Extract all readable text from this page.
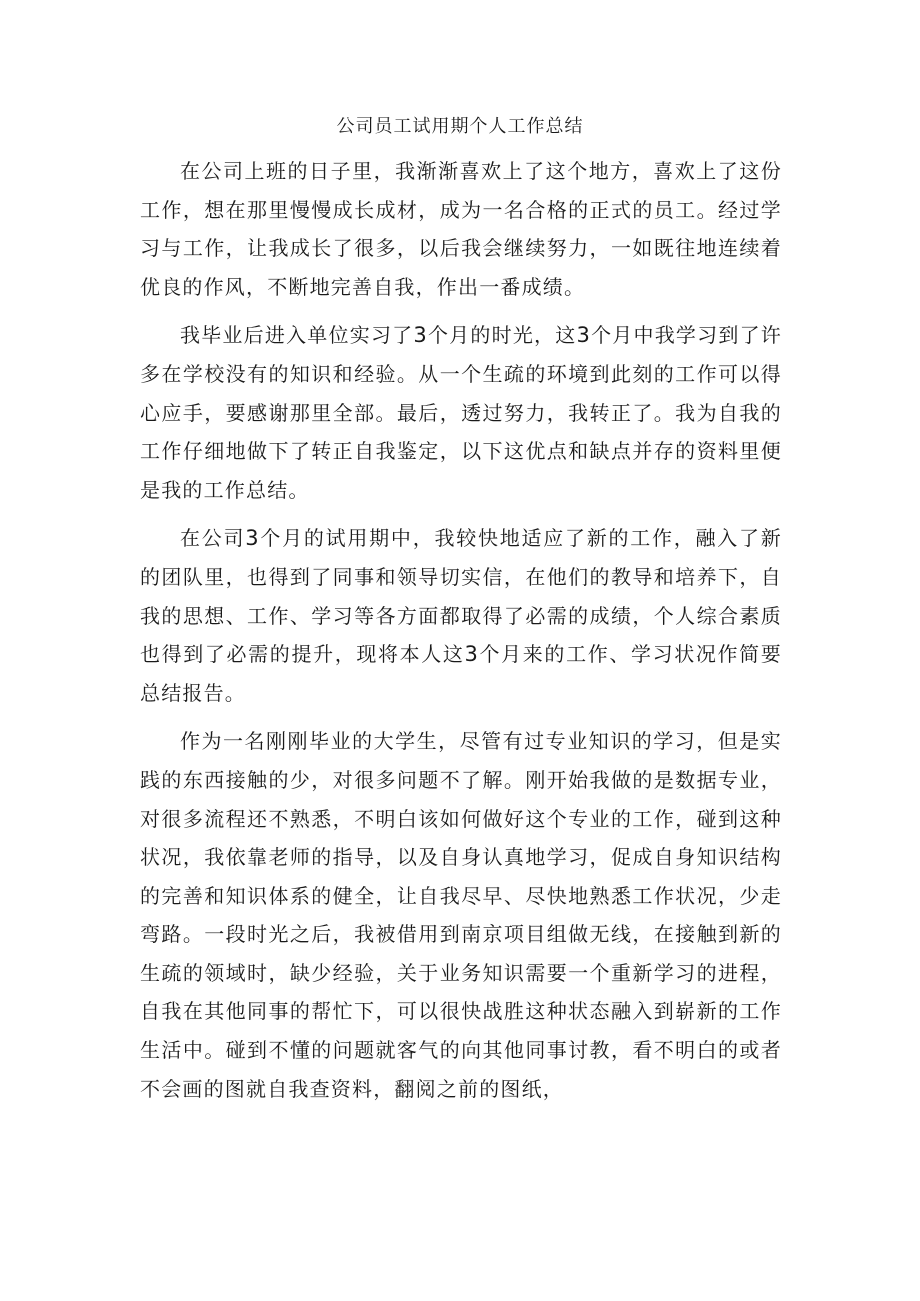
公司员工试用期个人工作总结

在公司上班的日子里，我渐渐喜欢上了这个地方，喜欢上了这份工作，想在那里慢慢成长成材，成为一名合格的正式的员工。经过学习与工作，让我成长了很多，以后我会继续努力，一如既往地连续着优良的作风，不断地完善自我，作出一番成绩。

我毕业后进入单位实习了3个月的时光，这3个月中我学习到了许多在学校没有的知识和经验。从一个生疏的环境到此刻的工作可以得心应手，要感谢那里全部。最后，透过努力，我转正了。我为自我的工作仔细地做下了转正自我鉴定，以下这优点和缺点并存的资料里便是我的工作总结。

在公司3个月的试用期中，我较快地适应了新的工作，融入了新的团队里，也得到了同事和领导切实信，在他们的教导和培养下，自我的思想、工作、学习等各方面都取得了必需的成绩，个人综合素质也得到了必需的提升，现将本人这3个月来的工作、学习状况作简要总结报告。

作为一名刚刚毕业的大学生，尽管有过专业知识的学习，但是实践的东西接触的少，对很多问题不了解。刚开始我做的是数据专业，对很多流程还不熟悉，不明白该如何做好这个专业的工作，碰到这种状况，我依靠老师的指导，以及自身认真地学习，促成自身知识结构的完善和知识体系的健全，让自我尽早、尽快地熟悉工作状况，少走弯路。一段时光之后，我被借用到南京项目组做无线，在接触到新的生疏的领域时，缺少经验，关于业务知识需要一个重新学习的进程，自我在其他同事的帮忙下，可以很快战胜这种状态融入到崭新的工作生活中。碰到不懂的问题就客气的向其他同事讨教，看不明白的或者不会画的图就自我查资料，翻阅之前的图纸，
